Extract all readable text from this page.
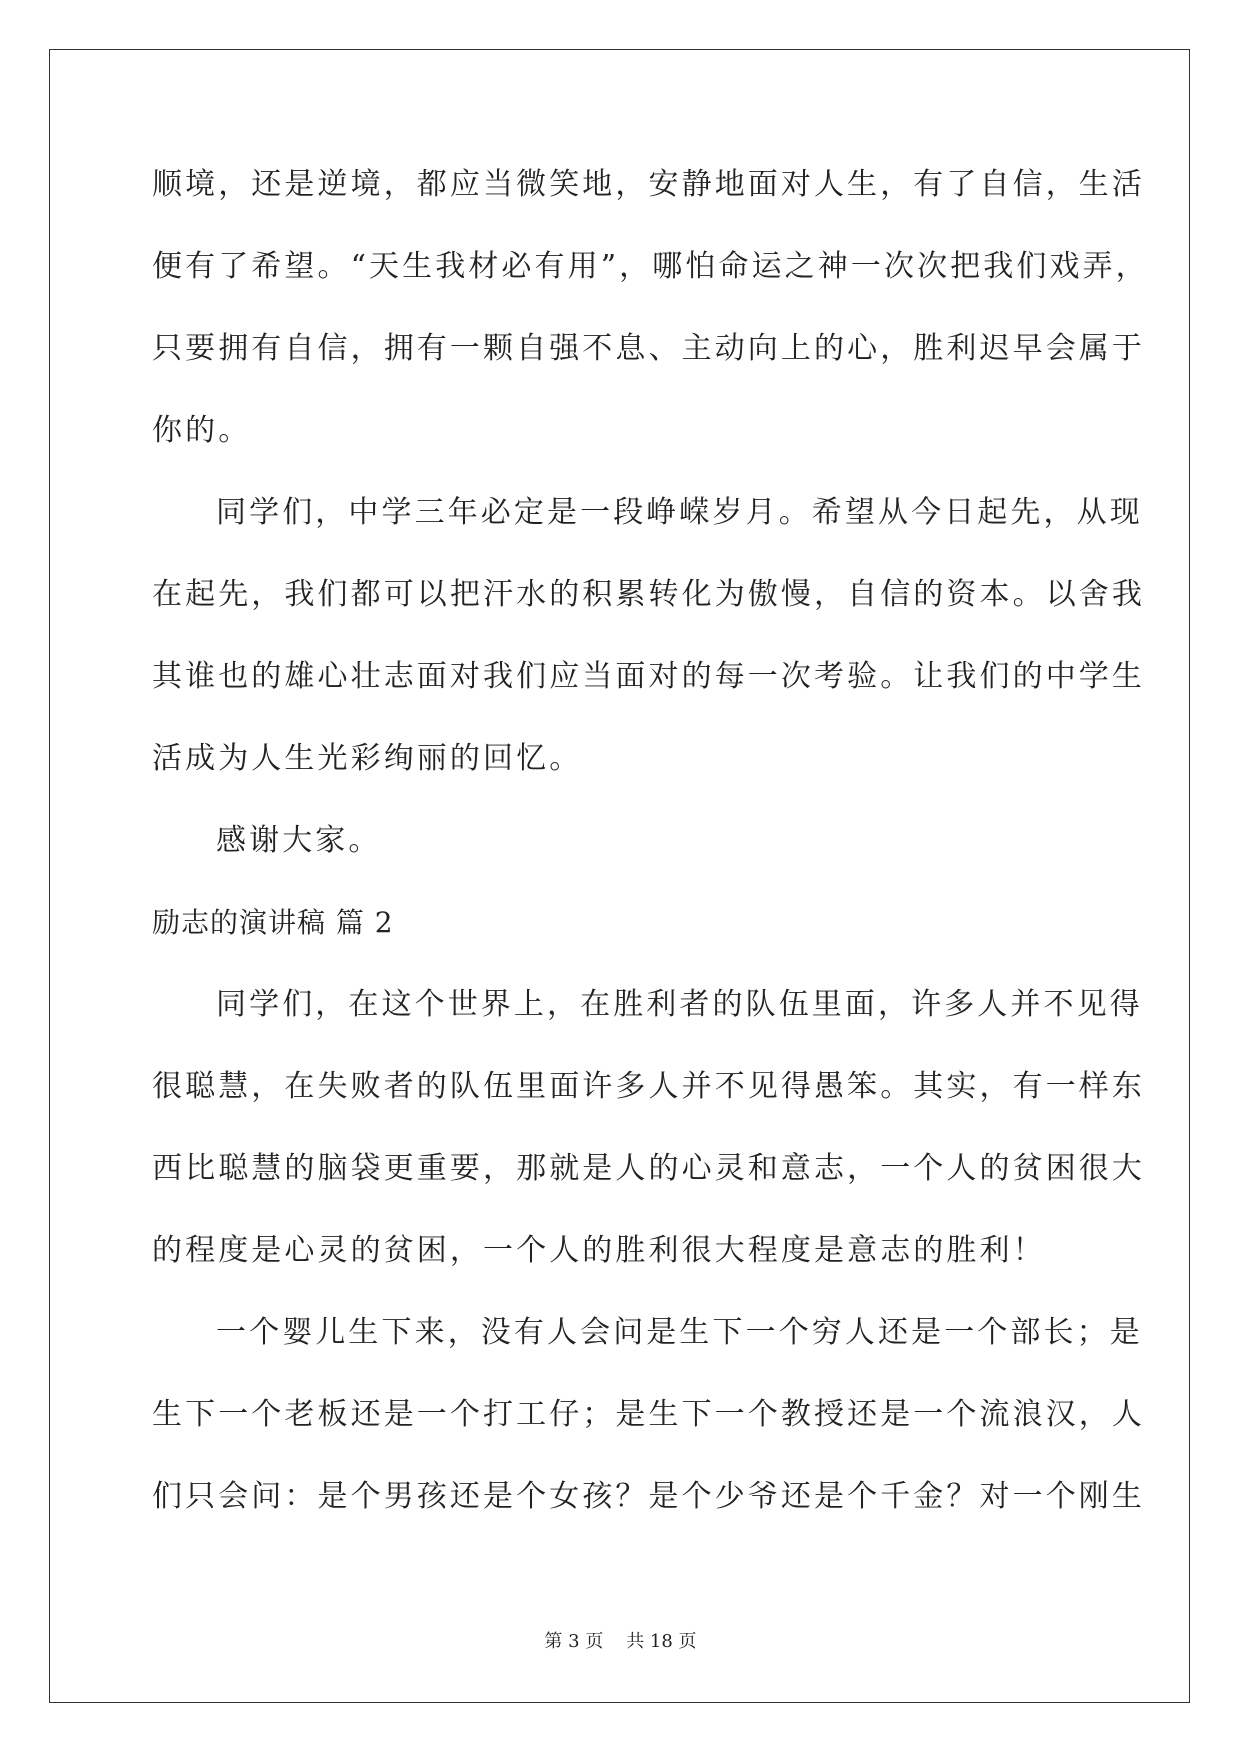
顺境，还是逆境，都应当微笑地，安静地面对人生，有了自信，生活
便有了希望。“天生我材必有用”，哪怕命运之神一次次把我们戏弄，
只要拥有自信，拥有一颗自强不息、主动向上的心，胜利迟早会属于
你的。
同学们，中学三年必定是一段峥嵘岁月。希望从今日起先，从现
在起先，我们都可以把汗水的积累转化为傲慢，自信的资本。以舍我
其谁也的雄心壮志面对我们应当面对的每一次考验。让我们的中学生
活成为人生光彩绚丽的回忆。
感谢大家。
励志的演讲稿 篇 2
同学们，在这个世界上，在胜利者的队伍里面，许多人并不见得
很聪慧，在失败者的队伍里面许多人并不见得愚笨。其实，有一样东
西比聪慧的脑袋更重要，那就是人的心灵和意志，一个人的贫困很大
的程度是心灵的贫困，一个人的胜利很大程度是意志的胜利！
一个婴儿生下来，没有人会问是生下一个穷人还是一个部长；是
生下一个老板还是一个打工仔；是生下一个教授还是一个流浪汉，人
们只会问：是个男孩还是个女孩？是个少爷还是个千金？对一个刚生
第 3 页    共 18 页
